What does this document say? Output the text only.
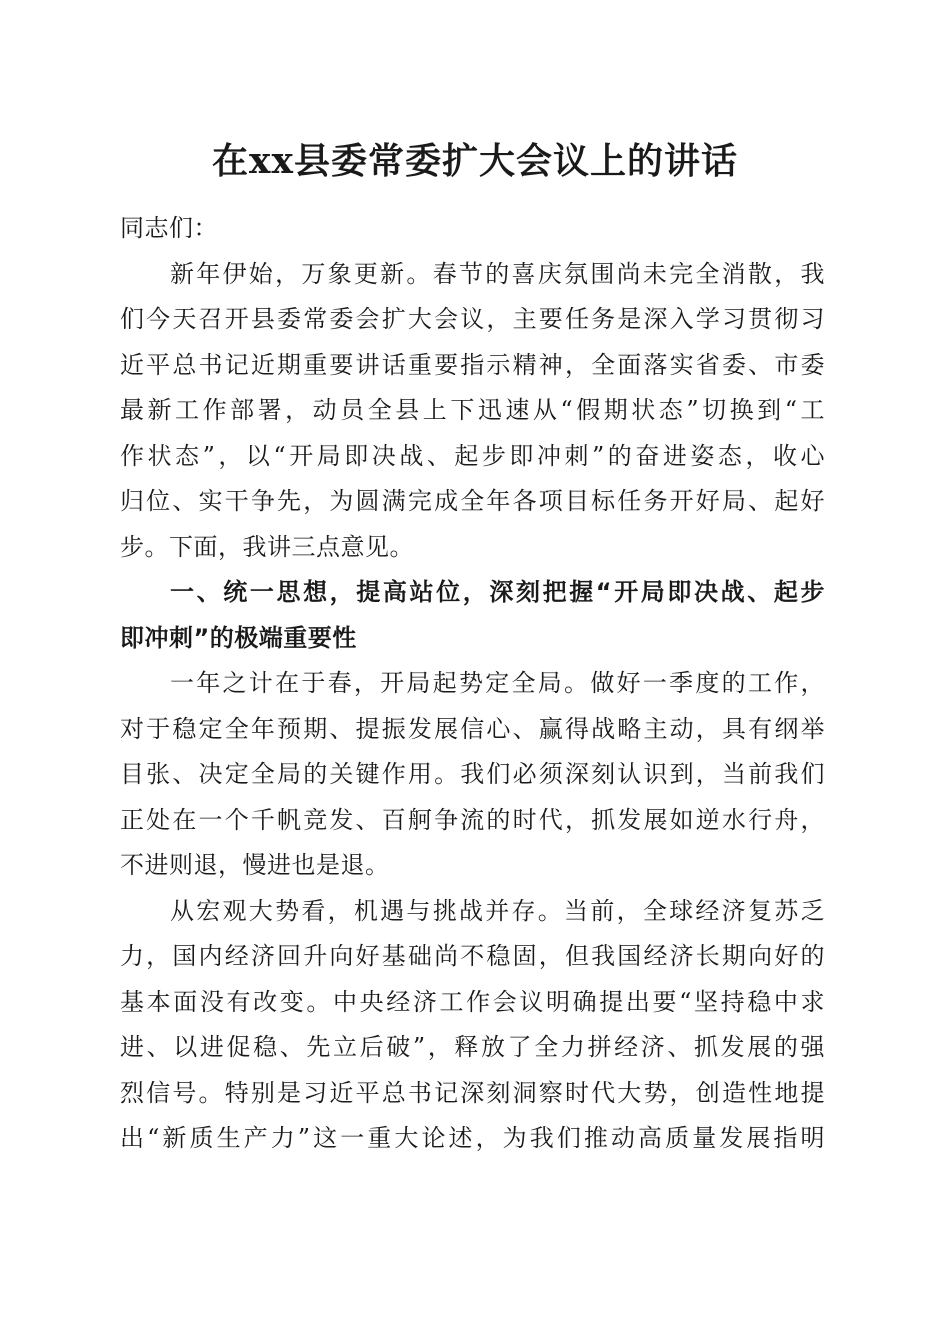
在xx县委常委扩大会议上的讲话
同志们：
新年伊始，万象更新。春节的喜庆氛围尚未完全消散，我
们今天召开县委常委会扩大会议，主要任务是深入学习贯彻习
近平总书记近期重要讲话重要指示精神，全面落实省委、市委
最新工作部署，动员全县上下迅速从“假期状态”切换到“工
作状态”，以“开局即决战、起步即冲刺”的奋进姿态，收心
归位、实干争先，为圆满完成全年各项目标任务开好局、起好
步。下面，我讲三点意见。
一、统一思想，提高站位，深刻把握“开局即决战、起步
即冲刺”的极端重要性
一年之计在于春，开局起势定全局。做好一季度的工作，
对于稳定全年预期、提振发展信心、赢得战略主动，具有纲举
目张、决定全局的关键作用。我们必须深刻认识到，当前我们
正处在一个千帆竞发、百舸争流的时代，抓发展如逆水行舟，
不进则退，慢进也是退。
从宏观大势看，机遇与挑战并存。当前，全球经济复苏乏
力，国内经济回升向好基础尚不稳固，但我国经济长期向好的
基本面没有改变。中央经济工作会议明确提出要“坚持稳中求
进、以进促稳、先立后破”，释放了全力拼经济、抓发展的强
烈信号。特别是习近平总书记深刻洞察时代大势，创造性地提
出“新质生产力”这一重大论述，为我们推动高质量发展指明
